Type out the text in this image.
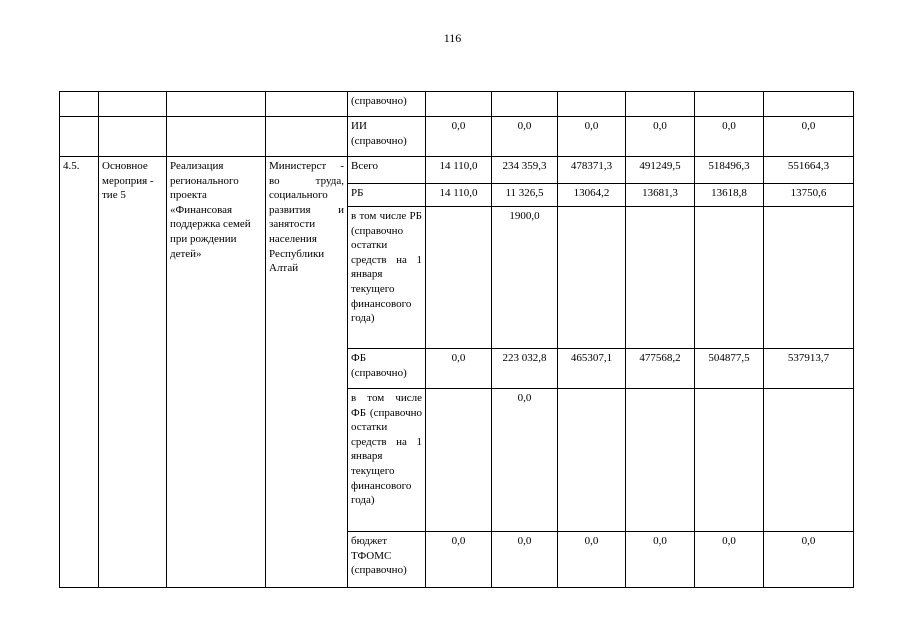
116
				(справочно)						
				ИИ (справочно)	0,0	0,0	0,0	0,0	0,0	0,0
4.5.	Основное мероприя - тие 5	Реализация регионального проекта «Финансовая поддержка семей при рождении детей»	Министерст - во труда, социального развития и занятости населения Республики Алтай	Всего	14 110,0	234 359,3	478371,3	491249,5	518496,3	551664,3
				РБ	14 110,0	11 326,5	13064,2	13681,3	13618,8	13750,6
				в том числе РБ (справочно остатки средств на 1 января текущего финансового года)		1900,0				
				ФБ (справочно)	0,0	223 032,8	465307,1	477568,2	504877,5	537913,7
				в том числе ФБ (справочно остатки средств на 1 января текущего финансового года)		0,0				
				бюджет ТФОМС (справочно)	0,0	0,0	0,0	0,0	0,0	0,0
